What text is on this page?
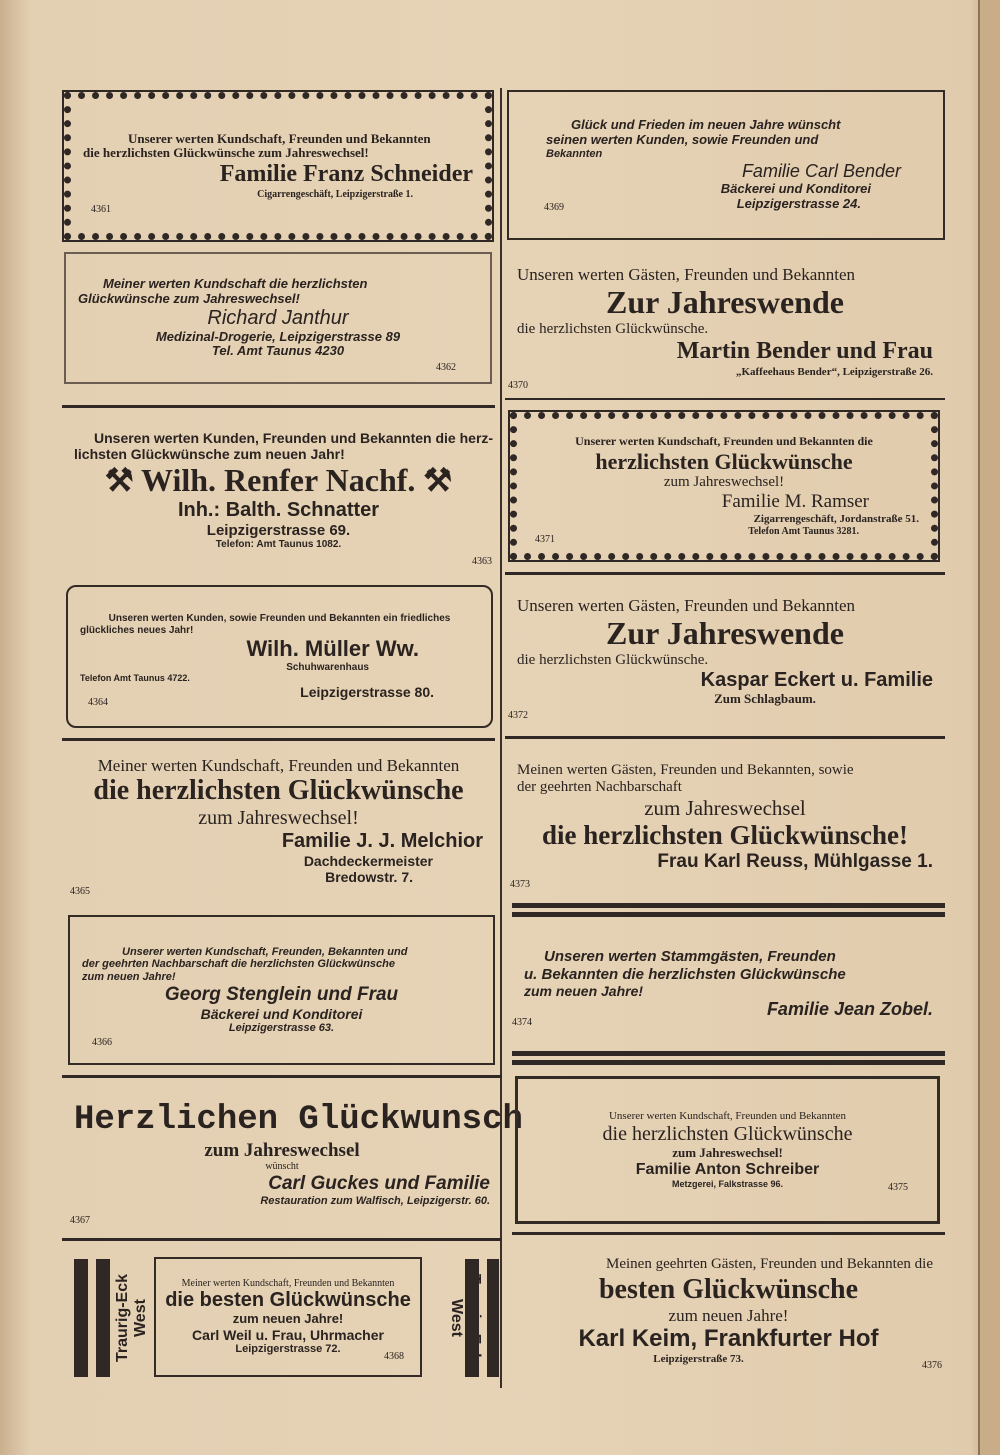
Unserer werten Kundschaft, Freunden und Bekannten
die herzlichsten Glückwünsche zum Jahreswechsel!
Familie Franz Schneider
Cigarrengeschäft, Leipzigerstraße 1.
4361
Meiner werten Kundschaft die herzlichsten
Glückwünsche zum Jahreswechsel!
Richard Janthur
Medizinal-Drogerie, Leipzigerstrasse 89
Tel. Amt Taunus 4230
4362
Unseren werten Kunden, Freunden und Bekannten die herz-
lichsten Glückwünsche zum neuen Jahr!
⚒ Wilh. Renfer Nachf. ⚒
Inh.: Balth. Schnatter
Leipzigerstrasse 69.
Telefon: Amt Taunus 1082.
4363
Unseren werten Kunden, sowie Freunden und Bekannten ein friedliches
glückliches neues Jahr!
Wilh. Müller Ww.
Schuhwarenhaus
Telefon Amt Taunus 4722.
Leipzigerstrasse 80.
4364
Meiner werten Kundschaft, Freunden und Bekannten
die herzlichsten Glückwünsche
zum Jahreswechsel!
Familie J. J. Melchior
Dachdeckermeister
Bredowstr. 7.
4365
Unserer werten Kundschaft, Freunden, Bekannten und
der geehrten Nachbarschaft die herzlichsten Glückwünsche
zum neuen Jahre!
Georg Stenglein und Frau
Bäckerei und Konditorei
Leipzigerstrasse 63.
4366
Herzlichen Glückwunsch
zum Jahreswechsel
wünscht
Carl Guckes und Familie
Restauration zum Walfisch, Leipzigerstr. 60.
4367
Traurig-Eck West	West
Meiner werten Kundschaft, Freunden und Bekannten
die besten Glückwünsche
zum neuen Jahre!
Carl Weil u. Frau, Uhrmacher
Leipzigerstrasse 72.
4368
Glück und Frieden im neuen Jahre wünscht
seinen werten Kunden, sowie Freunden und
Bekannten
Familie Carl Bender
Bäckerei und Konditorei
Leipzigerstrasse 24.
4369
Unseren werten Gästen, Freunden und Bekannten
Zur Jahreswende
die herzlichsten Glückwünsche.
Martin Bender und Frau
„Kaffeehaus Bender“, Leipzigerstraße 26.
4370
Unserer werten Kundschaft, Freunden und Bekannten die
herzlichsten Glückwünsche
zum Jahreswechsel!
Familie M. Ramser
Zigarrengeschäft, Jordanstraße 51.
Telefon Amt Taunus 3281.
4371
Unseren werten Gästen, Freunden und Bekannten
Zur Jahreswende
die herzlichsten Glückwünsche.
Kaspar Eckert u. Familie
Zum Schlagbaum.
4372
Meinen werten Gästen, Freunden und Bekannten, sowie
der geehrten Nachbarschaft
zum Jahreswechsel
die herzlichsten Glückwünsche!
Frau Karl Reuss, Mühlgasse 1.
4373
Unseren werten Stammgästen, Freunden
u. Bekannten die herzlichsten Glückwünsche
zum neuen Jahre!
Familie Jean Zobel.
4374
Unserer werten Kundschaft, Freunden und Bekannten
die herzlichsten Glückwünsche
zum Jahreswechsel!
Familie Anton Schreiber
Metzgerei, Falkstrasse 96.	4375
Meinen geehrten Gästen, Freunden und Bekannten die
besten Glückwünsche
zum neuen Jahre!
Karl Keim, Frankfurter Hof
Leipzigerstraße 73.
4376
